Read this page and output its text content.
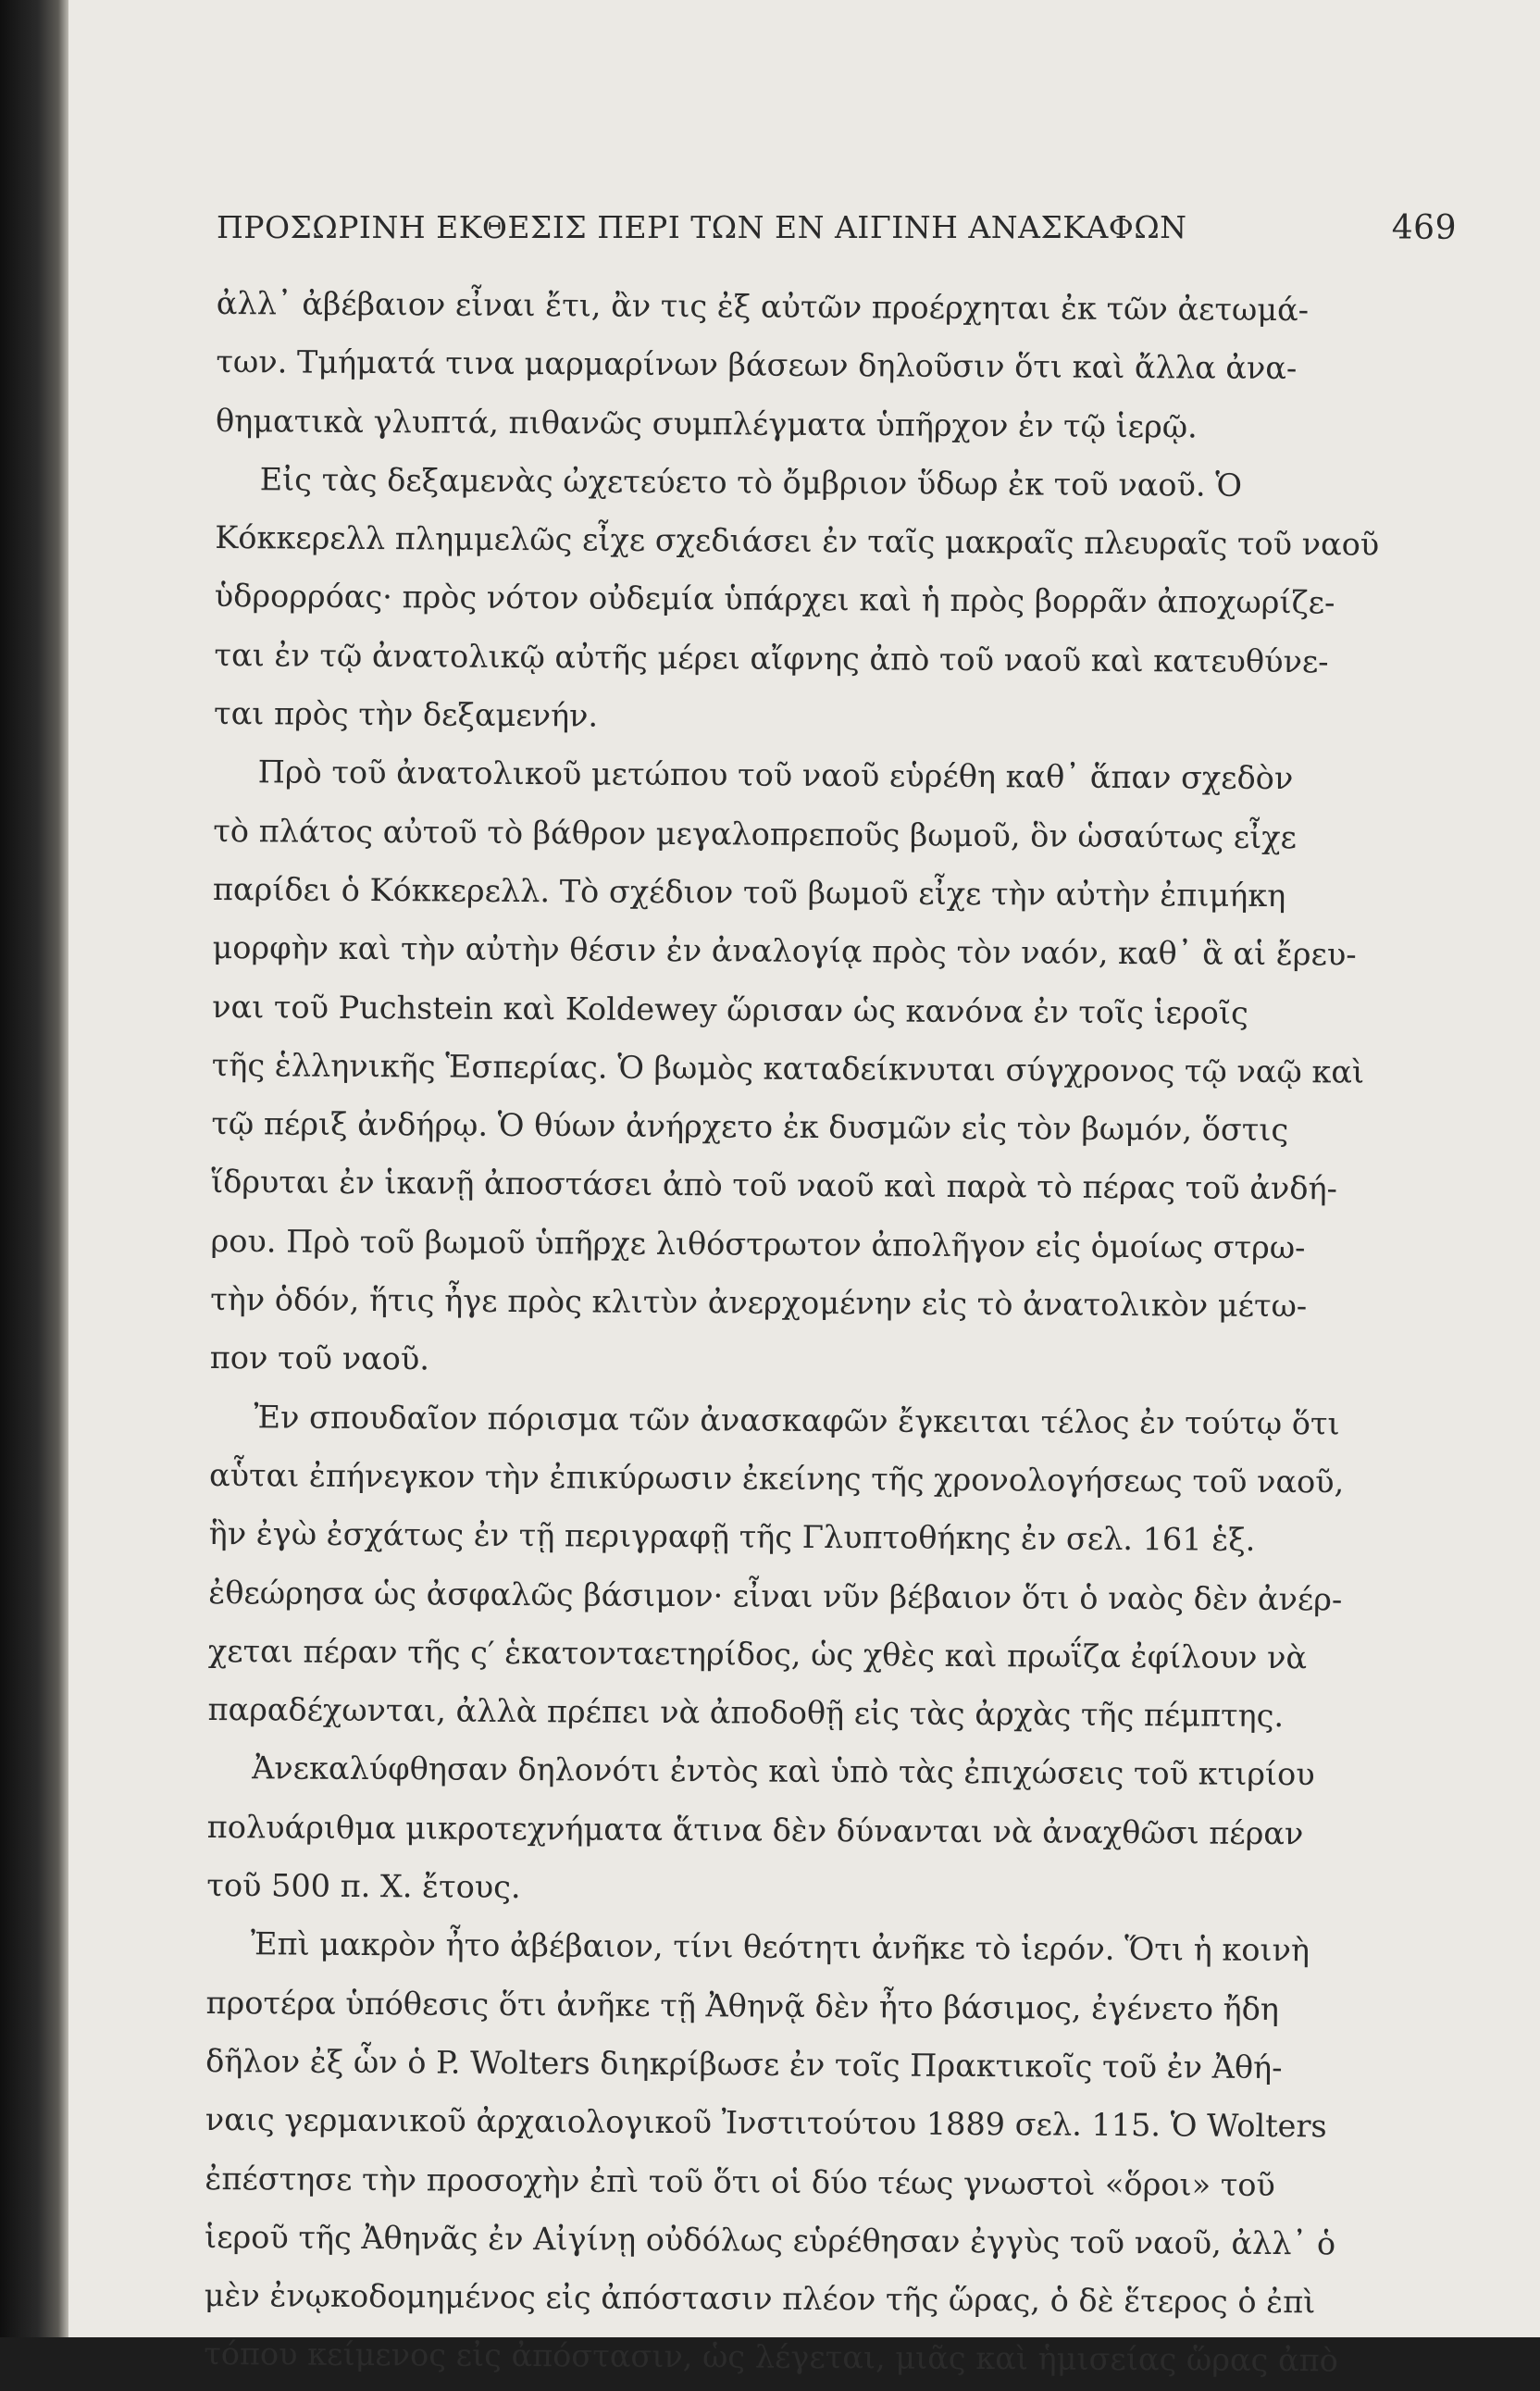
ΠΡΟΣΩΡΙΝΗ ΕΚΘΕΣΙΣ ΠΕΡΙ ΤΩΝ ΕΝ ΑΙΓΙΝΗ ΑΝΑΣΚΑΦΩΝ	469
ἀλλ᾽ ἀβέβαιον εἶναι ἔτι, ἂν τις ἐξ αὐτῶν προέρχηται ἐκ τῶν ἀετωμά-
των. Τμήματά τινα μαρμαρίνων βάσεων δηλοῦσιν ὅτι καὶ ἄλλα ἀνα-
θηματικὰ γλυπτά, πιθανῶς συμπλέγματα ὑπῆρχον ἐν τῷ ἱερῷ.
Εἰς τὰς δεξαμενὰς ὠχετεύετο τὸ ὄμβριον ὕδωρ ἐκ τοῦ ναοῦ. Ὁ
Κόκκερελλ πλημμελῶς εἶχε σχεδιάσει ἐν ταῖς μακραῖς πλευραῖς τοῦ ναοῦ
ὑδρορρόας· πρὸς νότον οὐδεμία ὑπάρχει καὶ ἡ πρὸς βορρᾶν ἀποχωρίζε-
ται ἐν τῷ ἀνατολικῷ αὐτῆς μέρει αἴφνης ἀπὸ τοῦ ναοῦ καὶ κατευθύνε-
ται πρὸς τὴν δεξαμενήν.
Πρὸ τοῦ ἀνατολικοῦ μετώπου τοῦ ναοῦ εὑρέθη καθ᾽ ἅπαν σχεδὸν
τὸ πλάτος αὐτοῦ τὸ βάθρον μεγαλοπρεποῦς βωμοῦ, ὃν ὡσαύτως εἶχε
παρίδει ὁ Κόκκερελλ. Τὸ σχέδιον τοῦ βωμοῦ εἶχε τὴν αὐτὴν ἐπιμήκη
μορφὴν καὶ τὴν αὐτὴν θέσιν ἐν ἀναλογίᾳ πρὸς τὸν ναόν, καθ᾽ ἃ αἱ ἔρευ-
ναι τοῦ Puchstein καὶ Koldewey ὥρισαν ὡς κανόνα ἐν τοῖς ἱεροῖς
τῆς ἑλληνικῆς Ἑσπερίας. Ὁ βωμὸς καταδείκνυται σύγχρονος τῷ ναῷ καὶ
τῷ πέριξ ἀνδήρῳ. Ὁ θύων ἀνήρχετο ἐκ δυσμῶν εἰς τὸν βωμόν, ὅστις
ἵδρυται ἐν ἱκανῇ ἀποστάσει ἀπὸ τοῦ ναοῦ καὶ παρὰ τὸ πέρας τοῦ ἀνδή-
ρου. Πρὸ τοῦ βωμοῦ ὑπῆρχε λιθόστρωτον ἀπολῆγον εἰς ὁμοίως στρω-
τὴν ὁδόν, ἥτις ἦγε πρὸς κλιτὺν ἀνερχομένην εἰς τὸ ἀνατολικὸν μέτω-
πον τοῦ ναοῦ.
Ἐν σπουδαῖον πόρισμα τῶν ἀνασκαφῶν ἔγκειται τέλος ἐν τούτῳ ὅτι
αὗται ἐπήνεγκον τὴν ἐπικύρωσιν ἐκείνης τῆς χρονολογήσεως τοῦ ναοῦ,
ἣν ἐγὼ ἐσχάτως ἐν τῇ περιγραφῇ τῆς Γλυπτοθήκης ἐν σελ. 161 ἑξ.
ἐθεώρησα ὡς ἀσφαλῶς βάσιμον· εἶναι νῦν βέβαιον ὅτι ὁ ναὸς δὲν ἀνέρ-
χεται πέραν τῆς ς′ ἑκατονταετηρίδος, ὡς χθὲς καὶ πρωΐζα ἐφίλουν νὰ
παραδέχωνται, ἀλλὰ πρέπει νὰ ἀποδοθῇ εἰς τὰς ἀρχὰς τῆς πέμπτης.
Ἀνεκαλύφθησαν δηλονότι ἐντὸς καὶ ὑπὸ τὰς ἐπιχώσεις τοῦ κτιρίου
πολυάριθμα μικροτεχνήματα ἅτινα δὲν δύνανται νὰ ἀναχθῶσι πέραν
τοῦ 500 π. Χ. ἔτους.
Ἐπὶ μακρὸν ἦτο ἀβέβαιον, τίνι θεότητι ἀνῆκε τὸ ἱερόν. Ὅτι ἡ κοινὴ
προτέρα ὑπόθεσις ὅτι ἀνῆκε τῇ Ἀθηνᾷ δὲν ἦτο βάσιμος, ἐγένετο ἤδη
δῆλον ἐξ ὧν ὁ P. Wolters διηκρίβωσε ἐν τοῖς Πρακτικοῖς τοῦ ἐν Ἀθή-
ναις γερμανικοῦ ἀρχαιολογικοῦ Ἰνστιτούτου 1889 σελ. 115. Ὁ Wolters
ἐπέστησε τὴν προσοχὴν ἐπὶ τοῦ ὅτι οἱ δύο τέως γνωστοὶ «ὅροι» τοῦ
ἱεροῦ τῆς Ἀθηνᾶς ἐν Αἰγίνῃ οὐδόλως εὑρέθησαν ἐγγὺς τοῦ ναοῦ, ἀλλ᾽ ὁ
μὲν ἐνῳκοδομημένος εἰς ἀπόστασιν πλέον τῆς ὥρας, ὁ δὲ ἕτερος ὁ ἐπὶ
τόπου κείμενος εἰς ἀπόστασιν, ὡς λέγεται, μιᾶς καὶ ἡμισείας ὥρας ἀπὸ
